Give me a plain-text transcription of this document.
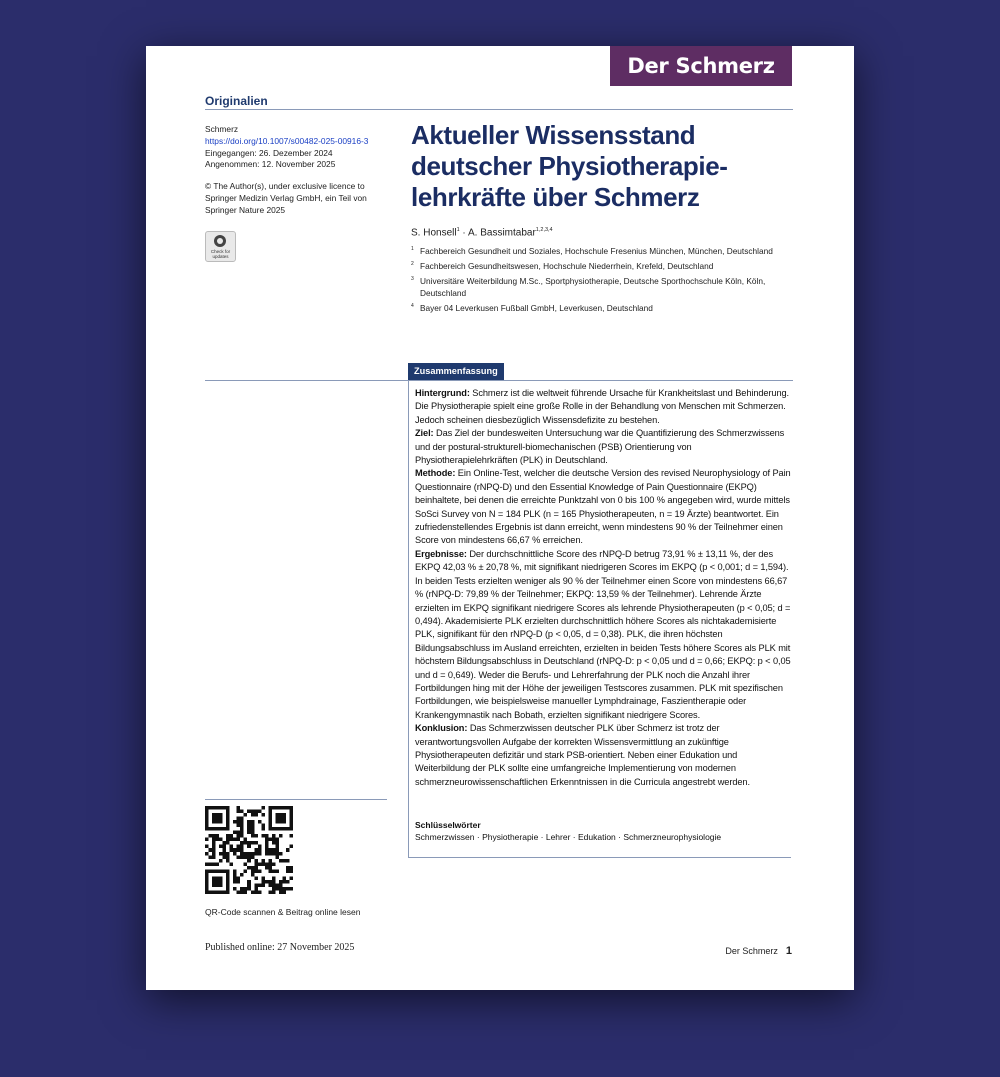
Der Schmerz
Originalien
Schmerz
https://doi.org/10.1007/s00482-025-00916-3
Eingegangen: 26. Dezember 2024
Angenommen: 12. November 2025
© The Author(s), under exclusive licence to Springer Medizin Verlag GmbH, ein Teil von Springer Nature 2025
Check for updates
Aktueller Wissensstand deutscher Physiotherapie-lehrkräfte über Schmerz
S. Honsell$^1$ · A. Bassimtabar$^{1,2,3,4}$
$^1$ Fachbereich Gesundheit und Soziales, Hochschule Fresenius München, München, Deutschland
$^2$ Fachbereich Gesundheitswesen, Hochschule Niederrhein, Krefeld, Deutschland
$^3$ Universitäre Weiterbildung M.Sc., Sportphysiotherapie, Deutsche Sporthochschule Köln, Köln, Deutschland
$^4$ Bayer 04 Leverkusen Fußball GmbH, Leverkusen, Deutschland
Zusammenfassung
Hintergrund: Schmerz ist die weltweit führende Ursache für Krankheitslast und Behinderung. Die Physiotherapie spielt eine große Rolle in der Behandlung von Menschen mit Schmerzen. Jedoch scheinen diesbezüglich Wissensdefizite zu bestehen.
Ziel: Das Ziel der bundesweiten Untersuchung war die Quantifizierung des Schmerzwissens und der postural-strukturell-biomechanischen (PSB) Orientierung von Physiotherapielehrkräften (PLK) in Deutschland.
Methode: Ein Online-Test, welcher die deutsche Version des revised Neurophysiology of Pain Questionnaire (rNPQ-D) und den Essential Knowledge of Pain Questionnaire (EKPQ) beinhaltete, bei denen die erreichte Punktzahl von 0 bis 100 % angegeben wird, wurde mittels SoSci Survey von N = 184 PLK (n = 165 Physiotherapeuten, n = 19 Ärzte) beantwortet. Ein zufriedenstellendes Ergebnis ist dann erreicht, wenn mindestens 90 % der Teilnehmer einen Score von mindestens 66,67 % erreichen.
Ergebnisse: Der durchschnittliche Score des rNPQ-D betrug 73,91 % ± 13,11 %, der des EKPQ 42,03 % ± 20,78 %, mit signifikant niedrigeren Scores im EKPQ (p < 0,001; d = 1,594). In beiden Tests erzielten weniger als 90 % der Teilnehmer einen Score von mindestens 66,67 % (rNPQ-D: 79,89 % der Teilnehmer; EKPQ: 13,59 % der Teilnehmer). Lehrende Ärzte erzielten im EKPQ signifikant niedrigere Scores als lehrende Physiotherapeuten (p < 0,05; d = 0,494). Akademisierte PLK erzielten durchschnittlich höhere Scores als nichtakademisierte PLK, signifikant für den rNPQ-D (p < 0,05, d = 0,38). PLK, die ihren höchsten Bildungsabschluss im Ausland erreichten, erzielten in beiden Tests höhere Scores als PLK mit höchstem Bildungsabschluss in Deutschland (rNPQ-D: p < 0,05 und d = 0,66; EKPQ: p < 0,05 und d = 0,649). Weder die Berufs- und Lehrerfahrung der PLK noch die Anzahl ihrer Fortbildungen hing mit der Höhe der jeweiligen Testscores zusammen. PLK mit spezifischen Fortbildungen, wie beispielsweise manueller Lymphdrainage, Faszientherapie oder Krankengymnastik nach Bobath, erzielten signifikant niedrigere Scores.
Konklusion: Das Schmerzwissen deutscher PLK über Schmerz ist trotz der verantwortungsvollen Aufgabe der korrekten Wissensvermittlung an zukünftige Physiotherapeuten defizitär und stark PSB-orientiert. Neben einer Edukation und Weiterbildung der PLK sollte eine umfangreiche Implementierung von modernen schmerzneurowissenschaftlichen Erkenntnissen in die Curricula angestrebt werden.
Schlüsselwörter
Schmerzwissen · Physiotherapie · Lehrer · Edukation · Schmerzneurophysiologie
QR-Code scannen & Beitrag online lesen
Published online: 27 November 2025	Der Schmerz 1
